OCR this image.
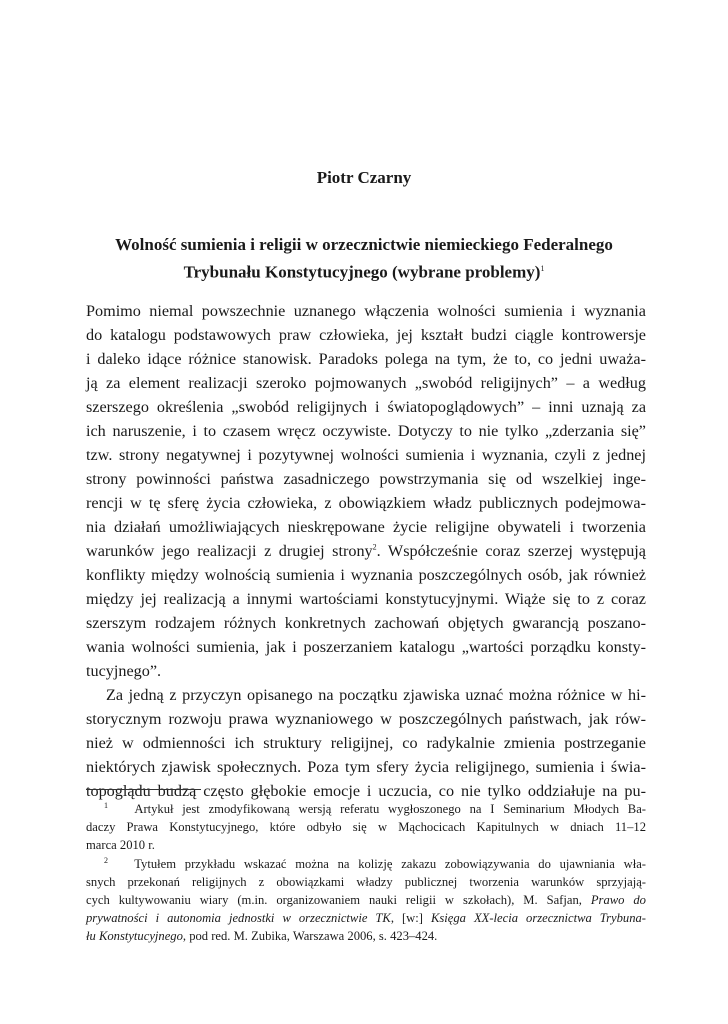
Piotr Czarny
Wolność sumienia i religii w orzecznictwie niemieckiego Federalnego
Trybunału Konstytucyjnego (wybrane problemy)$^1$
Pomimo niemal powszechnie uznanego włączenia wolności sumienia i wyznania
do katalogu podstawowych praw człowieka, jej kształt budzi ciągle kontrowersje
i daleko idące różnice stanowisk. Paradoks polega na tym, że to, co jedni uważa-
ją za element realizacji szeroko pojmowanych „swobód religijnych” – a według
szerszego określenia „swobód religijnych i światopoglądowych” – inni uznają za
ich naruszenie, i to czasem wręcz oczywiste. Dotyczy to nie tylko „zderzania się”
tzw. strony negatywnej i pozytywnej wolności sumienia i wyznania, czyli z jednej
strony powinności państwa zasadniczego powstrzymania się od wszelkiej inge-
rencji w tę sferę życia człowieka, z obowiązkiem władz publicznych podejmowa-
nia działań umożliwiających nieskrępowane życie religijne obywateli i tworzenia
warunków jego realizacji z drugiej strony$^2$. Współcześnie coraz szerzej występują
konflikty między wolnością sumienia i wyznania poszczególnych osób, jak również
między jej realizacją a innymi wartościami konstytucyjnymi. Wiąże się to z coraz
szerszym rodzajem różnych konkretnych zachowań objętych gwarancją poszano-
wania wolności sumienia, jak i poszerzaniem katalogu „wartości porządku konsty-
tucyjnego”.
Za jedną z przyczyn opisanego na początku zjawiska uznać można różnice w hi-
storycznym rozwoju prawa wyznaniowego w poszczególnych państwach, jak rów-
nież w odmienności ich struktury religijnej, co radykalnie zmienia postrzeganie
niektórych zjawisk społecznych. Poza tym sfery życia religijnego, sumienia i świa-
topoglądu budzą często głębokie emocje i uczucia, co nie tylko oddziałuje na pu-
$^1$ Artykuł jest zmodyfikowaną wersją referatu wygłoszonego na I Seminarium Młodych Ba-
daczy Prawa Konstytucyjnego, które odbyło się w Mąchocicach Kapitulnych w dniach 11–12
marca 2010 r.
$^2$ Tytułem przykładu wskazać można na kolizję zakazu zobowiązywania do ujawniania wła-
snych przekonań religijnych z obowiązkami władzy publicznej tworzenia warunków sprzyjają-
cych kultywowaniu wiary (m.in. organizowaniem nauki religii w szkołach), M. Safjan, Prawo do
prywatności i autonomia jednostki w orzecznictwie TK, [w:] Księga XX-lecia orzecznictwa Trybuna-
łu Konstytucyjnego, pod red. M. Zubika, Warszawa 2006, s. 423–424.
